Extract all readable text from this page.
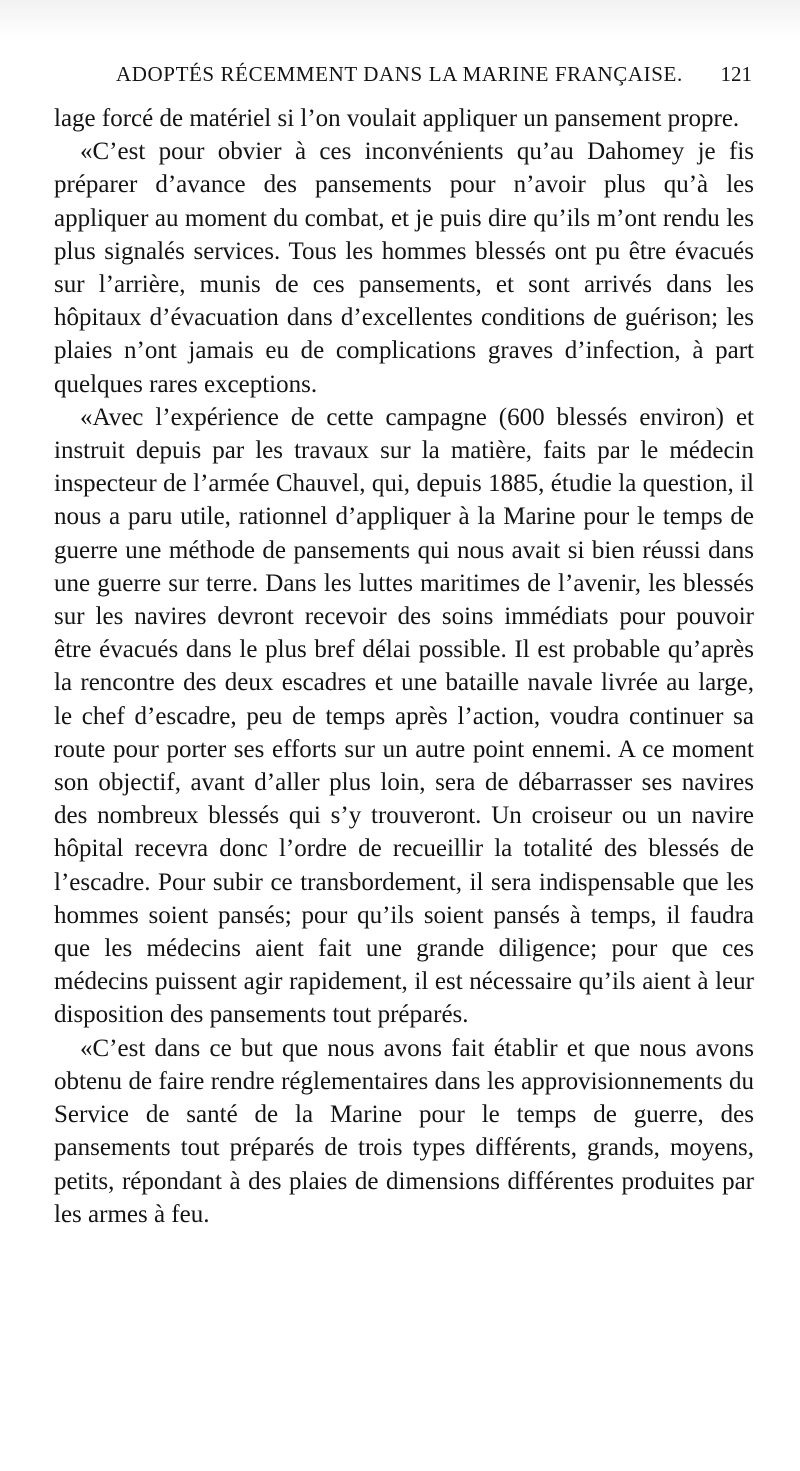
ADOPTÉS RÉCEMMENT DANS LA MARINE FRANÇAISE. 121

lage forcé de matériel si l’on voulait appliquer un pansement propre.

«C’est pour obvier à ces inconvénients qu’au Dahomey je fis préparer d’avance des pansements pour n’avoir plus qu’à les appliquer au moment du combat, et je puis dire qu’ils m’ont rendu les plus signalés services. Tous les hommes blessés ont pu être évacués sur l’arrière, munis de ces pansements, et sont arrivés dans les hôpitaux d’évacuation dans d’excellentes conditions de guérison; les plaies n’ont jamais eu de complications graves d’infection, à part quelques rares exceptions.

«Avec l’expérience de cette campagne (600 blessés environ) et instruit depuis par les travaux sur la matière, faits par le médecin inspecteur de l’armée Chauvel, qui, depuis 1885, étudie la question, il nous a paru utile, rationnel d’appliquer à la Marine pour le temps de guerre une méthode de pansements qui nous avait si bien réussi dans une guerre sur terre. Dans les luttes maritimes de l’avenir, les blessés sur les navires devront recevoir des soins immédiats pour pouvoir être évacués dans le plus bref délai possible. Il est probable qu’après la rencontre des deux escadres et une bataille navale livrée au large, le chef d’escadre, peu de temps après l’action, voudra continuer sa route pour porter ses efforts sur un autre point ennemi. A ce moment son objectif, avant d’aller plus loin, sera de débarrasser ses navires des nombreux blessés qui s’y trouveront. Un croiseur ou un navire hôpital recevra donc l’ordre de recueillir la totalité des blessés de l’escadre. Pour subir ce transbordement, il sera indispensable que les hommes soient pansés; pour qu’ils soient pansés à temps, il faudra que les médecins aient fait une grande diligence; pour que ces médecins puissent agir rapidement, il est nécessaire qu’ils aient à leur disposition des pansements tout préparés.

«C’est dans ce but que nous avons fait établir et que nous avons obtenu de faire rendre réglementaires dans les approvisionnements du Service de santé de la Marine pour le temps de guerre, des pansements tout préparés de trois types différents, grands, moyens, petits, répondant à des plaies de dimensions différentes produites par les armes à feu.
